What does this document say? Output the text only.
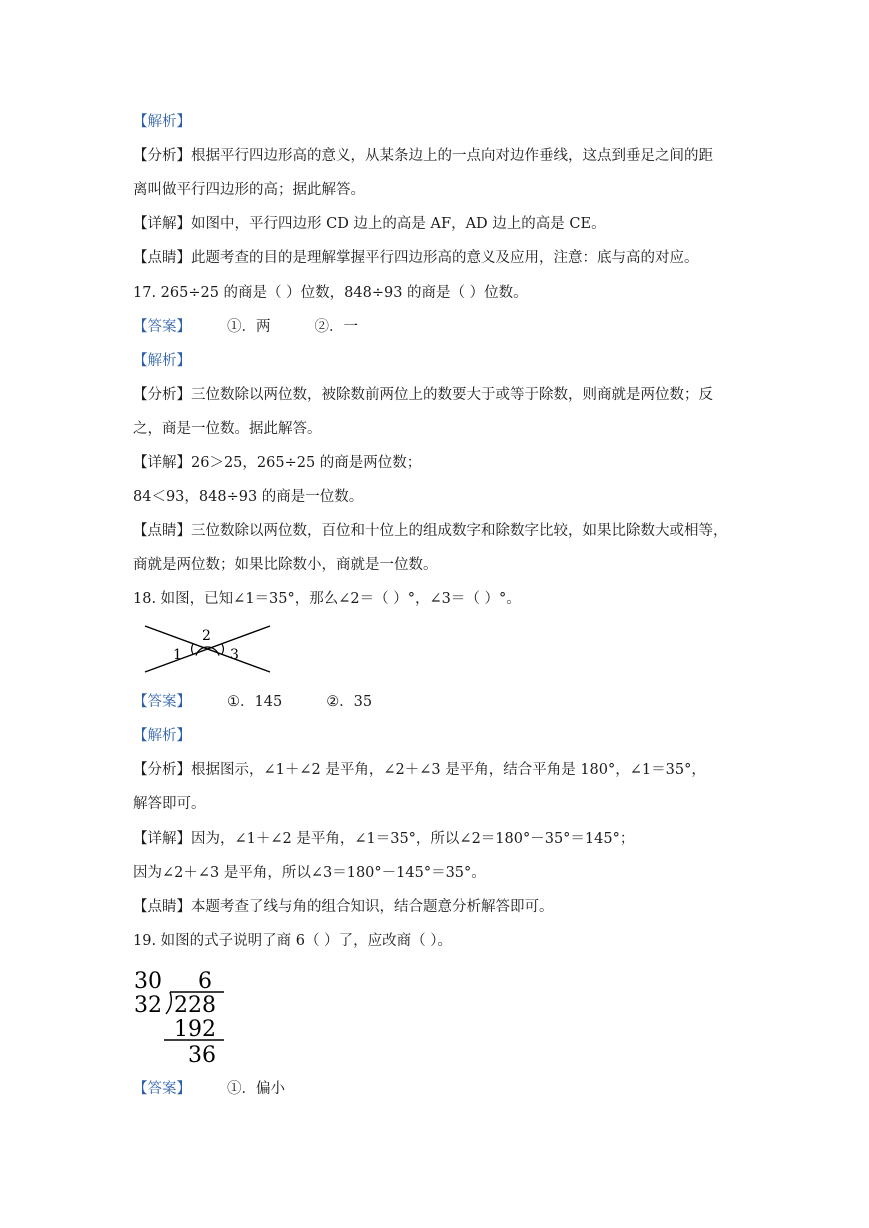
【解析】
【分析】根据平行四边形高的意义，从某条边上的一点向对边作垂线，这点到垂足之间的距
离叫做平行四边形的高；据此解答。
【详解】如图中，平行四边形 CD 边上的高是 AF，AD 边上的高是 CE。
【点睛】此题考查的目的是理解掌握平行四边形高的意义及应用，注意：底与高的对应。
17. 265÷25 的商是（ ）位数，848÷93 的商是（ ）位数。
【答案】 ①．两	②．一
【解析】
【分析】三位数除以两位数，被除数前两位上的数要大于或等于除数，则商就是两位数；反
之，商是一位数。据此解答。
【详解】26＞25，265÷25 的商是两位数；
84＜93，848÷93 的商是一位数。
【点睛】三位数除以两位数，百位和十位上的组成数字和除数字比较，如果比除数大或相等，
商就是两位数；如果比除数小，商就是一位数。
18. 如图，已知∠1＝35°，那么∠2＝（ ）°，∠3＝（ ）°。
2
1	3
【答案】 ①．145	②．35
【解析】
【分析】根据图示，∠1＋∠2 是平角，∠2＋∠3 是平角，结合平角是 180°，∠1＝35°，
解答即可。
【详解】因为，∠1＋∠2 是平角，∠1＝35°，所以∠2＝180°－35°＝145°；
因为∠2＋∠3 是平角，所以∠3＝180°－145°＝35°。
【点睛】本题考查了线与角的组合知识，结合题意分析解答即可。
19. 如图的式子说明了商 6（ ）了，应改商（ ）。
30 6
32 228
192
36
【答案】 ①．偏小
